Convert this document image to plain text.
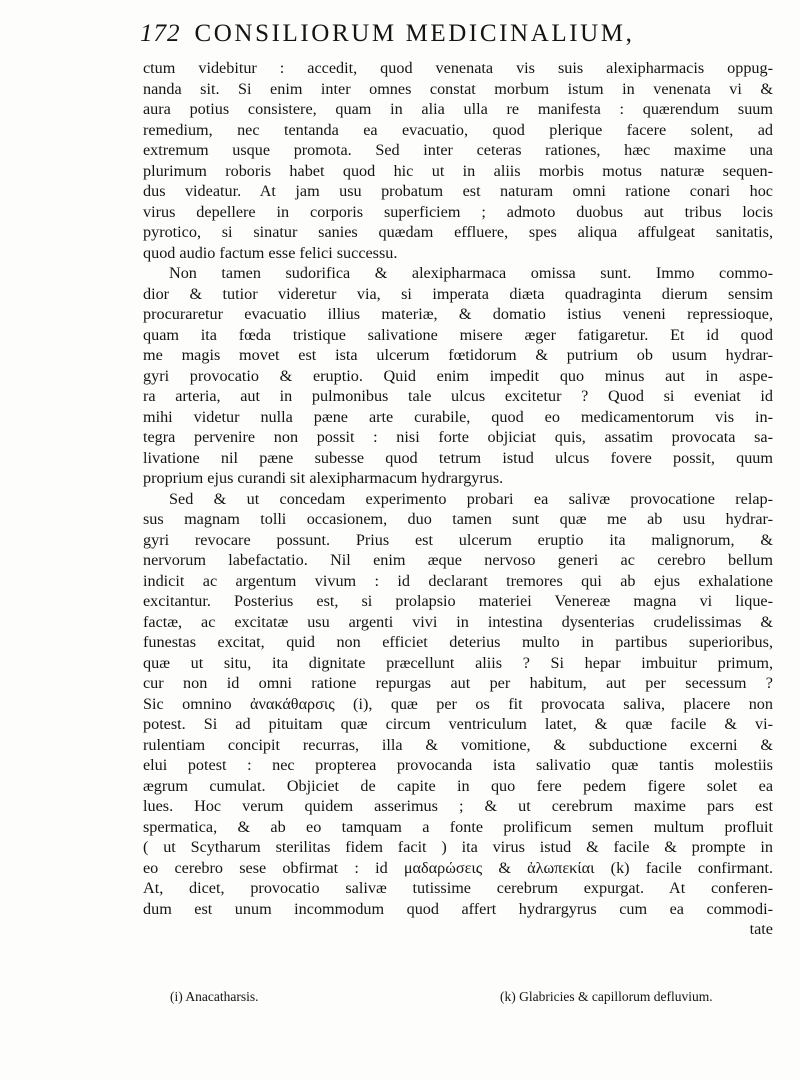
172 CONSILIORUM MEDICINALIUM,
ctum videbitur : accedit, quod venenata vis suis alexipharmacis oppug-
nanda sit. Si enim inter omnes constat morbum istum in venenata vi &
aura potius consistere, quam in alia ulla re manifesta : quærendum suum
remedium, nec tentanda ea evacuatio, quod plerique facere solent, ad
extremum usque promota. Sed inter ceteras rationes, hæc maxime una
plurimum roboris habet quod hic ut in aliis morbis motus naturæ sequen-
dus videatur. At jam usu probatum est naturam omni ratione conari hoc
virus depellere in corporis superficiem ; admoto duobus aut tribus locis
pyrotico, si sinatur sanies quædam effluere, spes aliqua affulgeat sanitatis,
quod audio factum esse felici successu.
Non tamen sudorifica & alexipharmaca omissa sunt. Immo commo-
dior & tutior videretur via, si imperata diæta quadraginta dierum sensim
procuraretur evacuatio illius materiæ, & domatio istius veneni repressioque,
quam ita fœda tristique salivatione misere æger fatigaretur. Et id quod
me magis movet est ista ulcerum fœtidorum & putrium ob usum hydrar-
gyri provocatio & eruptio. Quid enim impedit quo minus aut in aspe-
ra arteria, aut in pulmonibus tale ulcus excitetur ? Quod si eveniat id
mihi videtur nulla pæne arte curabile, quod eo medicamentorum vis in-
tegra pervenire non possit : nisi forte objiciat quis, assatim provocata sa-
livatione nil pæne subesse quod tetrum istud ulcus fovere possit, quum
proprium ejus curandi sit alexipharmacum hydrargyrus.
Sed & ut concedam experimento probari ea salivæ provocatione relap-
sus magnam tolli occasionem, duo tamen sunt quæ me ab usu hydrar-
gyri revocare possunt. Prius est ulcerum eruptio ita malignorum, &
nervorum labefactatio. Nil enim æque nervoso generi ac cerebro bellum
indicit ac argentum vivum : id declarant tremores qui ab ejus exhalatione
excitantur. Posterius est, si prolapsio materiei Venereæ magna vi lique-
factæ, ac excitatæ usu argenti vivi in intestina dysenterias crudelissimas &
funestas excitat, quid non efficiet deterius multo in partibus superioribus,
quæ ut situ, ita dignitate præcellunt aliis ? Si hepar imbuitur primum,
cur non id omni ratione repurgas aut per habitum, aut per secessum ?
Sic omnino ἀνακάθαρσις (i), quæ per os fit provocata saliva, placere non
potest. Si ad pituitam quæ circum ventriculum latet, & quæ facile & vi-
rulentiam concipit recurras, illa & vomitione, & subductione excerni &
elui potest : nec propterea provocanda ista salivatio quæ tantis molestiis
ægrum cumulat. Objiciet de capite in quo fere pedem figere solet ea
lues. Hoc verum quidem asserimus ; & ut cerebrum maxime pars est
spermatica, & ab eo tamquam a fonte prolificum semen multum profluit
( ut Scytharum sterilitas fidem facit ) ita virus istud & facile & prompte in
eo cerebro sese obfirmat : id μαδαρώσεις & ἀλωπεκίαι (k) facile confirmant.
At, dicet, provocatio salivæ tutissime cerebrum expurgat. At conferen-
dum est unum incommodum quod affert hydrargyrus cum ea commodi-
tate
(i) Anacatharsis.	(k) Glabricies & capillorum defluvium.
